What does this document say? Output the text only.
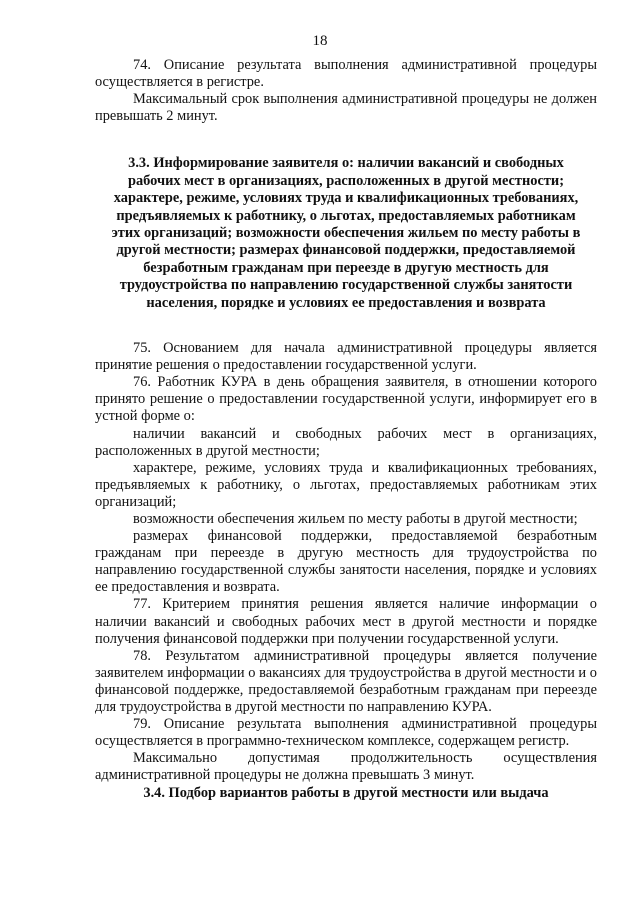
18

74. Описание результата выполнения административной процедуры осуществляется в регистре.

Максимальный срок выполнения административной процедуры не должен превышать 2 минут.

3.3. Информирование заявителя о: наличии вакансий и свободных
рабочих мест в организациях, расположенных в другой местности;
характере, режиме, условиях труда и квалификационных требованиях,
предъявляемых к работнику, о льготах, предоставляемых работникам
этих организаций; возможности обеспечения жильем по месту работы в
другой местности; размерах финансовой поддержки, предоставляемой
безработным гражданам при переезде в другую местность для
трудоустройства по направлению государственной службы занятости
населения, порядке и условиях ее предоставления и возврата

75. Основанием для начала административной процедуры является принятие решения о предоставлении государственной услуги.

76. Работник КУРА в день обращения заявителя, в отношении которого принято решение о предоставлении государственной услуги, информирует его в устной форме о:

наличии вакансий и свободных рабочих мест в организациях, расположенных в другой местности;

характере, режиме, условиях труда и квалификационных требованиях, предъявляемых к работнику, о льготах, предоставляемых работникам этих организаций;

возможности обеспечения жильем по месту работы в другой местности;

размерах финансовой поддержки, предоставляемой безработным гражданам при переезде в другую местность для трудоустройства по направлению государственной службы занятости населения, порядке и условиях ее предоставления и возврата.

77. Критерием принятия решения является наличие информации о наличии вакансий и свободных рабочих мест в другой местности и порядке получения финансовой поддержки при получении государственной услуги.

78. Результатом административной процедуры является получение заявителем информации о вакансиях для трудоустройства в другой местности и о финансовой поддержке, предоставляемой безработным гражданам при переезде для трудоустройства в другой местности по направлению КУРА.

79. Описание результата выполнения административной процедуры осуществляется в программно-техническом комплексе, содержащем регистр.

Максимально допустимая продолжительность осуществления административной процедуры не должна превышать 3 минут.

3.4. Подбор вариантов работы в другой местности или выдача
